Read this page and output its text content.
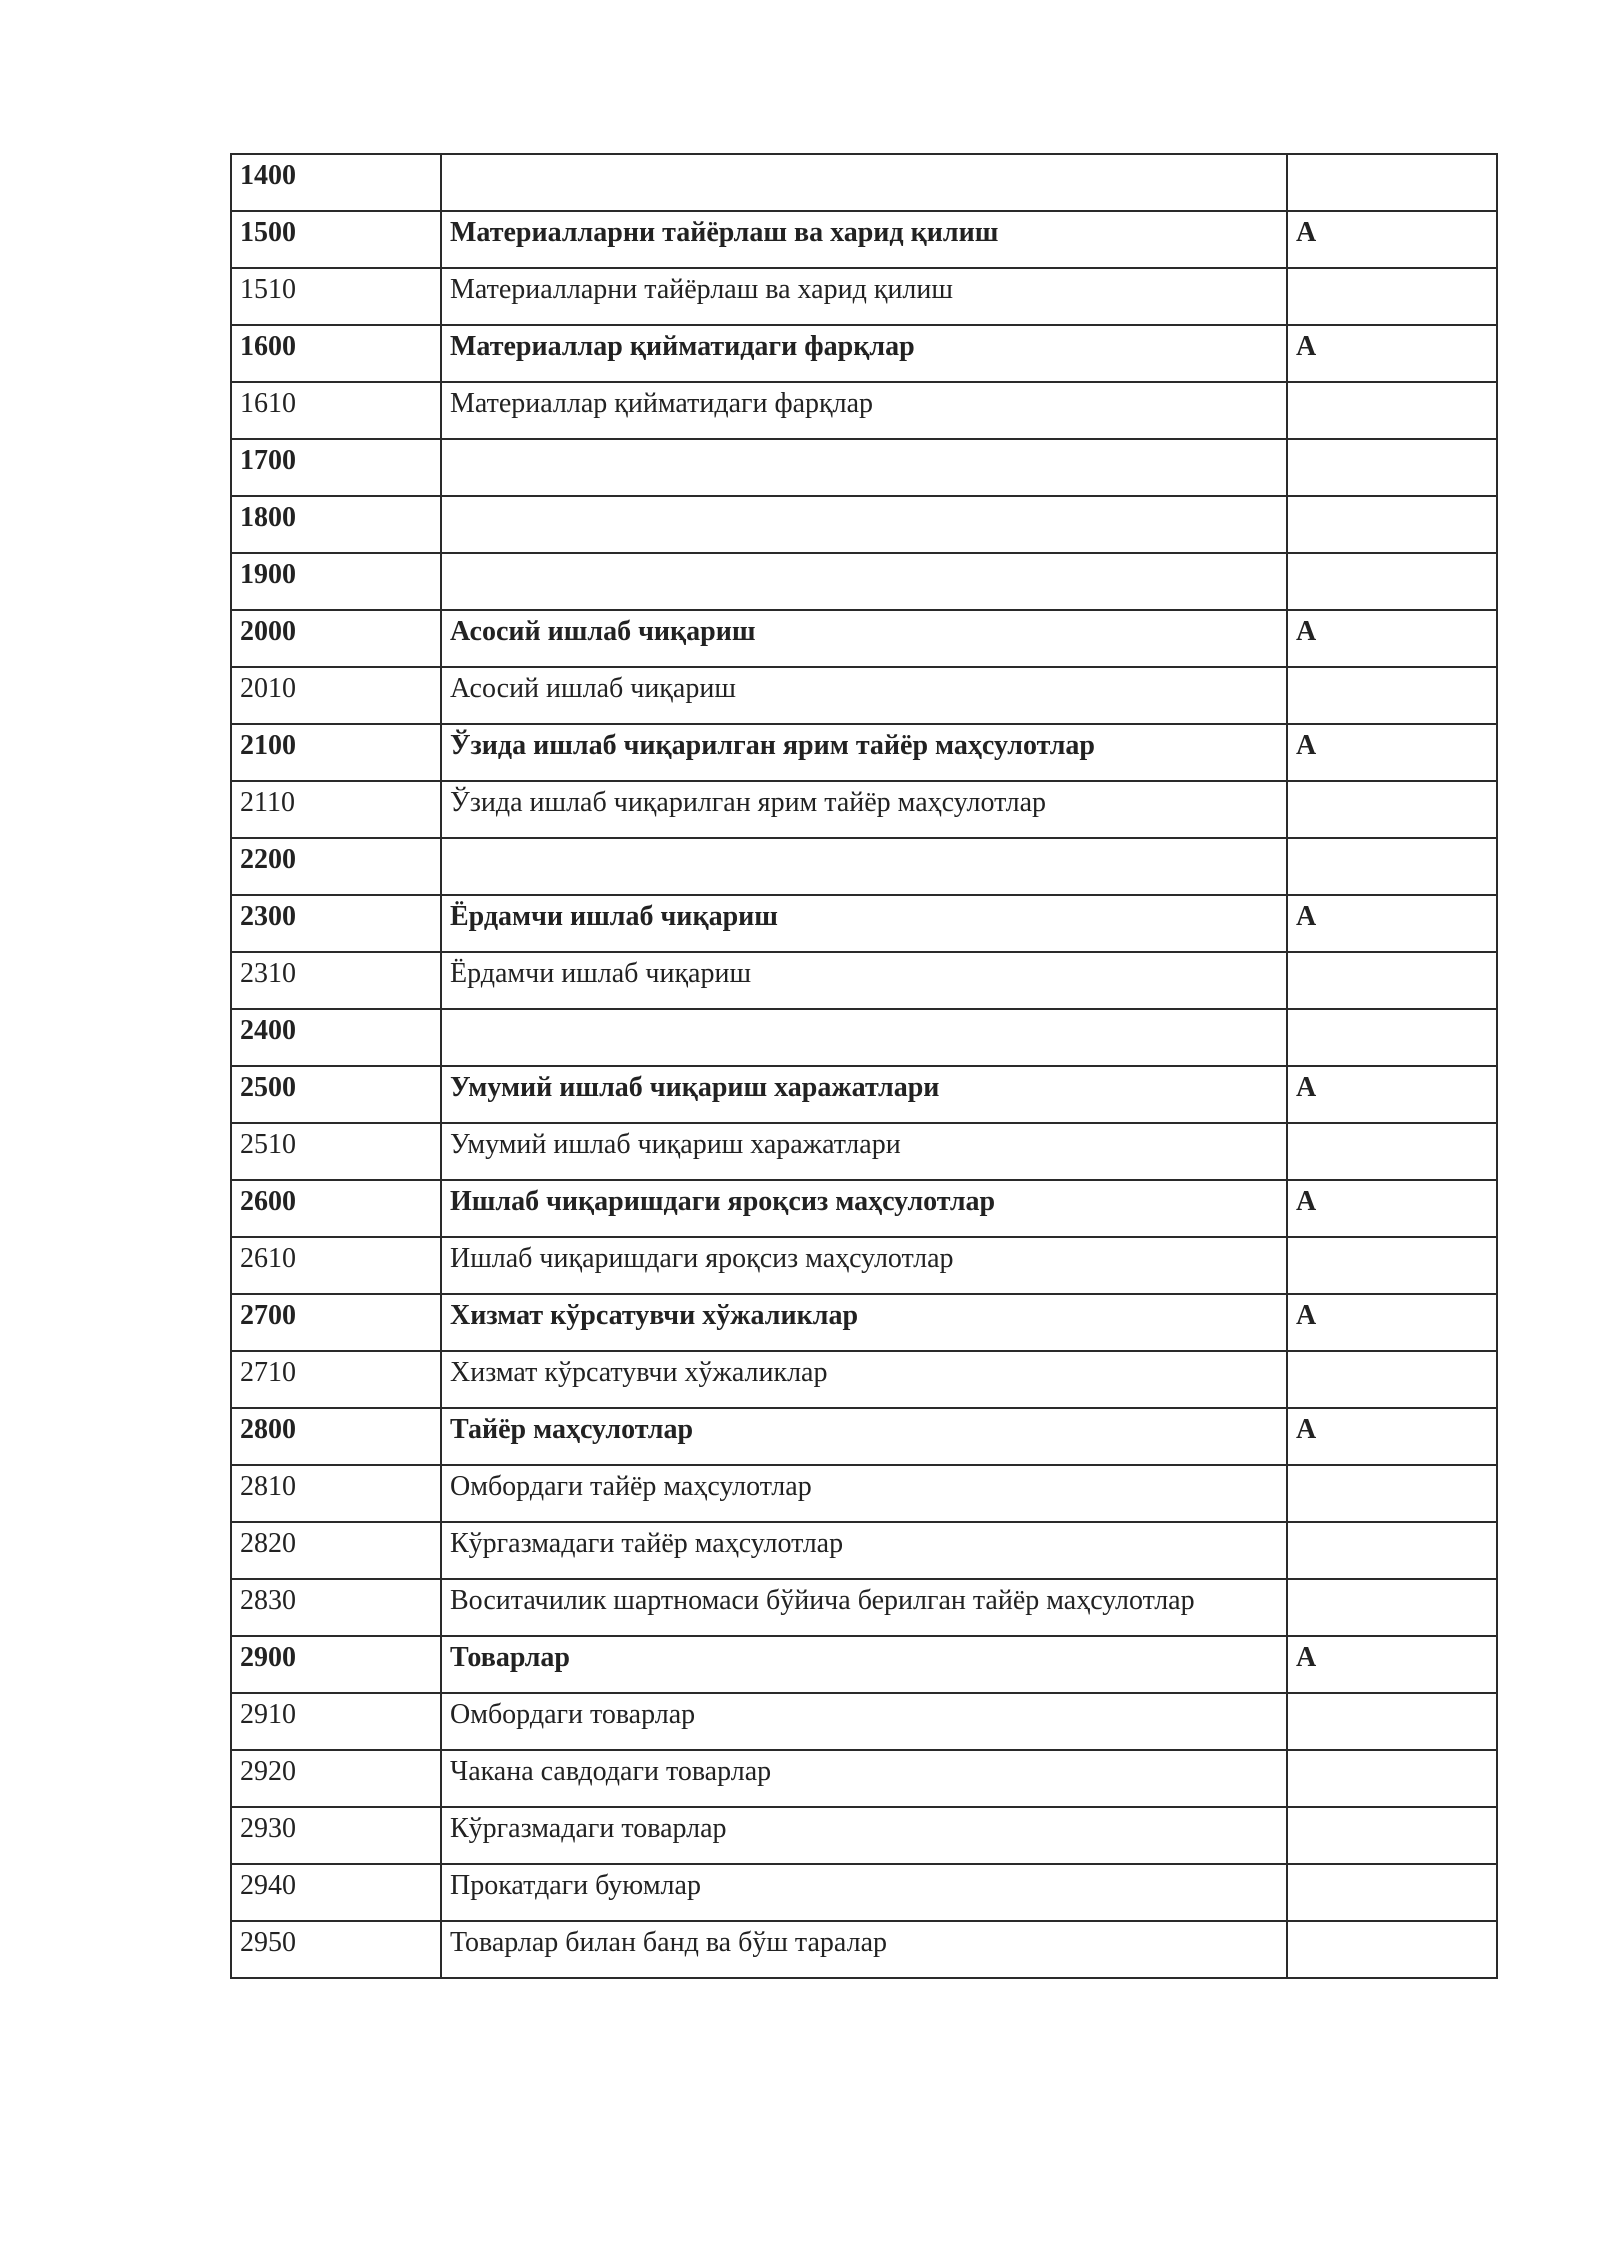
1400		
1500	Материалларни тайёрлаш ва харид қилиш	А
1510	Материалларни тайёрлаш ва харид қилиш	
1600	Материаллар қийматидаги фарқлар	А
1610	Материаллар қийматидаги фарқлар	
1700		
1800		
1900		
2000	Асосий ишлаб чиқариш	А
2010	Асосий ишлаб чиқариш	
2100	Ўзида ишлаб чиқарилган ярим тайёр маҳсулотлар	А
2110	Ўзида ишлаб чиқарилган ярим тайёр маҳсулотлар	
2200		
2300	Ёрдамчи ишлаб чиқариш	А
2310	Ёрдамчи ишлаб чиқариш	
2400		
2500	Умумий ишлаб чиқариш харажатлари	А
2510	Умумий ишлаб чиқариш харажатлари	
2600	Ишлаб чиқаришдаги яроқсиз маҳсулотлар	А
2610	Ишлаб чиқаришдаги яроқсиз маҳсулотлар	
2700	Хизмат кўрсатувчи хўжаликлар	А
2710	Хизмат кўрсатувчи хўжаликлар	
2800	Тайёр маҳсулотлар	А
2810	Омбордаги тайёр маҳсулотлар	
2820	Кўргазмадаги тайёр маҳсулотлар	
2830	Воситачилик шартномаси бўйича берилган тайёр маҳсулотлар	
2900	Товарлар	А
2910	Омбордаги товарлар	
2920	Чакана савдодаги товарлар	
2930	Кўргазмадаги товарлар	
2940	Прокатдаги буюмлар	
2950	Товарлар билан банд ва бўш таралар	
